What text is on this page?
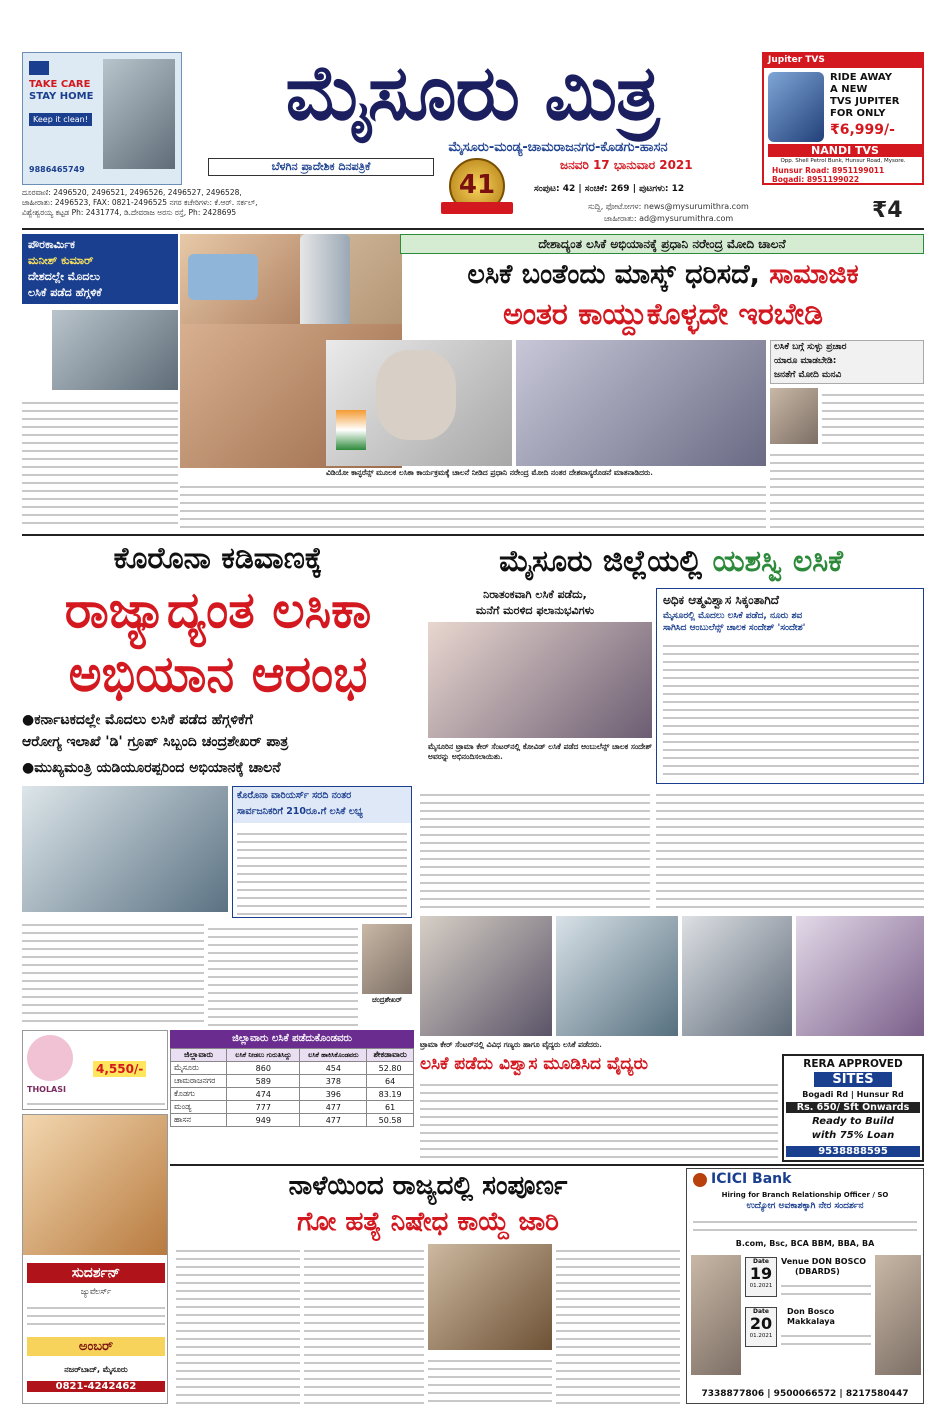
TAKE CARE
STAY HOME
Keep it clean!
9886465749
ಮೈಸೂರು ಮಿತ್ರ
ಮೈಸೂರು-ಮಂಡ್ಯ-ಚಾಮರಾಜನಗರ-ಕೊಡಗು-ಹಾಸನ
ಬೆಳಗಿನ ಪ್ರಾದೇಶಿಕ ದಿನಪತ್ರಿಕೆ
41
ಜನವರಿ 17 ಭಾನುವಾರ 2021
ಸಂಪುಟ: 42 | ಸಂಚಿಕೆ: 269 | ಪುಟಗಳು: 12
ಸುದ್ದಿ, ಫೋಟೋಗಳ: news@mysurumithra.com
ಜಾಹೀರಾತು: ad@mysurumithra.com	₹4
ದೂರವಾಣಿ: 2496520, 2496521, 2496526, 2496527, 2496528,
ಜಾಹೀರಾತು: 2496523, FAX: 0821-2496525 ನಗರ ಕಚೇರಿಗಳು: ಕೆ.ಆರ್. ಸರ್ಕಲ್,
ವಿಶ್ವೇಶ್ವರಯ್ಯ ಕಟ್ಟಡ Ph: 2431774, ಡಿ.ದೇವರಾಜ ಅರಸು ರಸ್ತೆ, Ph: 2428695
Jupiter TVS
RIDE AWAY
A NEW
TVS JUPITER
FOR ONLY
₹6,999/-
NANDI TVS
Opp. Shell Petrol Bunk, Hunsur Road, Mysore.
Hunsur Road: 8951199011
Bogadi: 8951199022
ಪೌರಕಾರ್ಮಿಕ
ಮನೀಶ್ ಕುಮಾರ್
ದೇಶದಲ್ಲೇ ಮೊದಲು
ಲಸಿಕೆ ಪಡೆದ ಹೆಗ್ಗಳಿಕೆ
ದೇಶಾದ್ಯಂತ ಲಸಿಕೆ ಅಭಿಯಾನಕ್ಕೆ ಪ್ರಧಾನಿ ನರೇಂದ್ರ ಮೋದಿ ಚಾಲನೆ
ಲಸಿಕೆ ಬಂತೆಂದು ಮಾಸ್ಕ್ ಧರಿಸದೆ, ಸಾಮಾಜಿಕ
ಅಂತರ ಕಾಯ್ದುಕೊಳ್ಳದೇ ಇರಬೇಡಿ
ಲಸಿಕೆ ಬಗ್ಗೆ ಸುಳ್ಳು ಪ್ರಚಾರ
ಯಾರೂ ಮಾಡಬೇಡಿ:
ಜನತೆಗೆ ಮೋದಿ ಮನವಿ
ವಿಡಿಯೋ ಕಾನ್ಫರೆನ್ಸ್ ಮೂಲಕ ಲಸಿಕಾ ಕಾರ್ಯಕ್ರಮಕ್ಕೆ ಚಾಲನೆ ನೀಡಿದ ಪ್ರಧಾನಿ ನರೇಂದ್ರ ಮೋದಿ ನಂತರ ದೇಶವಾಸ್ಯರೊಡನೆ ಮಾತನಾಡಿದರು.
ಕೊರೊನಾ ಕಡಿವಾಣಕ್ಕೆ
ರಾಜ್ಯಾದ್ಯಂತ ಲಸಿಕಾ
ಅಭಿಯಾನ ಆರಂಭ
●ಕರ್ನಾಟಕದಲ್ಲೇ ಮೊದಲು ಲಸಿಕೆ ಪಡೆದ ಹೆಗ್ಗಳಿಕೆಗೆ
ಆರೋಗ್ಯ ಇಲಾಖೆ 'ಡಿ' ಗ್ರೂಪ್ ಸಿಬ್ಬಂದಿ ಚಂದ್ರಶೇಖರ್ ಪಾತ್ರ
●ಮುಖ್ಯಮಂತ್ರಿ ಯಡಿಯೂರಪ್ಪರಿಂದ ಅಭಿಯಾನಕ್ಕೆ ಚಾಲನೆ
ಕೊರೊನಾ ವಾರಿಯರ್ಸ್ ಸರದಿ ನಂತರ
ಸಾರ್ವಜನಿಕರಿಗೆ 210ರೂ.ಗೆ ಲಸಿಕೆ ಲಭ್ಯ
ಚಂದ್ರಶೇಖರ್
THOLASI
4,550/-
ಜಿಲ್ಲಾವಾರು ಲಸಿಕೆ ಪಡೆದುಕೊಂಡವರು
ಜಿಲ್ಲಾವಾರು	ಲಸಿಕೆ ನೀಡಲು ಗುರುತಿಸಿದ್ದು	ಲಸಿಕೆ ಹಾಕಿಸಿಕೊಂಡವರು	ಶೇಕಡಾವಾರು
ಮೈಸೂರು	860	454	52.80
ಚಾಮರಾಜನಗರ	589	378	64
ಕೊಡಗು	474	396	83.19
ಮಂಡ್ಯ	777	477	61
ಹಾಸನ	949	477	50.58
ಸುದರ್ಶನ್
ಜ್ಯುವೆಲರ್ಸ್
ಅಂಬರ್
ನಜರ್‌ಬಾದ್, ಮೈಸೂರು
0821-4242462
ಮೈಸೂರು ಜಿಲ್ಲೆಯಲ್ಲಿ ಯಶಸ್ವಿ ಲಸಿಕೆ
ನಿರಾತಂಕವಾಗಿ ಲಸಿಕೆ ಪಡೆದು,
ಮನೆಗೆ ಮರಳಿದ ಫಲಾನುಭವಿಗಳು
ಮೈಸೂರಿನ ಟ್ರಾಮಾ ಕೇರ್ ಸೆಂಟರ್‌ನಲ್ಲಿ ಕೋವಿಡ್ ಲಸಿಕೆ ಪಡೆದ ಆಂಬುಲೆನ್ಸ್ ಚಾಲಕ ಸಂದೇಶ್ ಅವರನ್ನು ಅಭಿನಂದಿಸಲಾಯಿತು.
ಅಧಿಕ ಆತ್ಮವಿಶ್ವಾಸ ಸಿಕ್ಕಂತಾಗಿದೆ
ಮೈಸೂರಲ್ಲಿ ಮೊದಲು ಲಸಿಕೆ ಪಡೆದ, ನೂರು ಶವ
ಸಾಗಿಸಿದ ಆಂಬುಲೆನ್ಸ್ ಚಾಲಕ ಸಂದೇಶ್ 'ಸಂದೇಶ'
ಟ್ರಾಮಾ ಕೇರ್ ಸೆಂಟರ್‌ನಲ್ಲಿ ವಿವಿಧ ಗಣ್ಯರು ಹಾಗೂ ವೈದ್ಯರು ಲಸಿಕೆ ಪಡೆದರು.
ಲಸಿಕೆ ಪಡೆದು ವಿಶ್ವಾಸ ಮೂಡಿಸಿದ ವೈದ್ಯರು	RERA APPROVED
SITES
Bogadi Rd | Hunsur Rd
Rs. 650/ Sft Onwards
Ready to Build
with 75% Loan
9538888595
ನಾಳೆಯಿಂದ ರಾಜ್ಯದಲ್ಲಿ ಸಂಪೂರ್ಣ
ಗೋ ಹತ್ಯೆ ನಿಷೇಧ ಕಾಯ್ದೆ ಜಾರಿ
ICICI Bank
Hiring for Branch Relationship Officer / SO
ಉದ್ಯೋಗ ಅವಕಾಶಕ್ಕಾಗಿ ನೇರ ಸಂದರ್ಶನ
B.com, Bsc, BCA BBM, BBA, BA
Date
19
01.2021
Venue DON BOSCO
(DBARDS)
Date
20
01.2021
Don Bosco
Makkalaya
7338877806 | 9500066572 | 8217580447
